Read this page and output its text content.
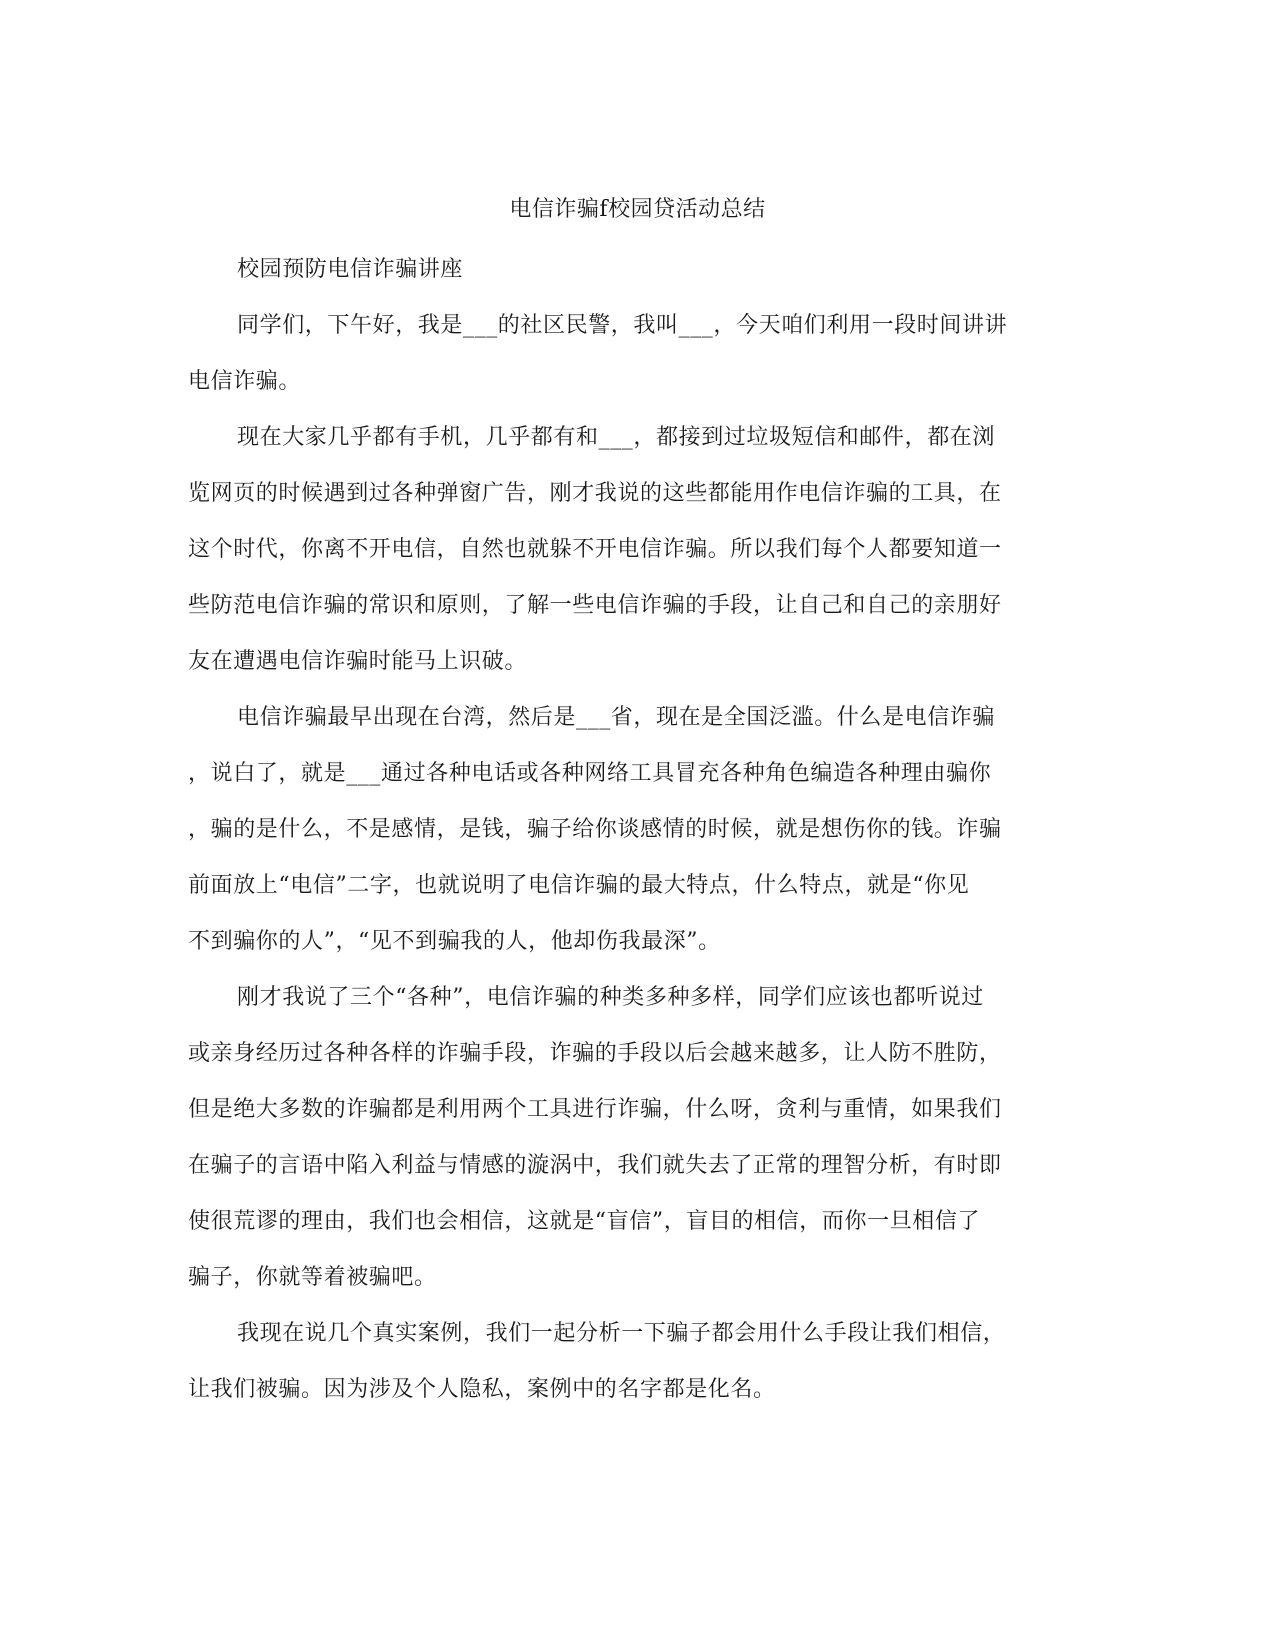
电信诈骗f校园贷活动总结
校园预防电信诈骗讲座
同学们，下午好，我是___的社区民警，我叫___，今天咱们利用一段时间讲讲
电信诈骗。
现在大家几乎都有手机，几乎都有和___，都接到过垃圾短信和邮件，都在浏
览网页的时候遇到过各种弹窗广告，刚才我说的这些都能用作电信诈骗的工具，在
这个时代，你离不开电信，自然也就躲不开电信诈骗。所以我们每个人都要知道一
些防范电信诈骗的常识和原则，了解一些电信诈骗的手段，让自己和自己的亲朋好
友在遭遇电信诈骗时能马上识破。
电信诈骗最早出现在台湾，然后是___省，现在是全国泛滥。什么是电信诈骗
，说白了，就是___通过各种电话或各种网络工具冒充各种角色编造各种理由骗你
，骗的是什么，不是感情，是钱，骗子给你谈感情的时候，就是想伤你的钱。诈骗
前面放上“电信”二字，也就说明了电信诈骗的最大特点，什么特点，就是“你见
不到骗你的人”，“见不到骗我的人，他却伤我最深”。
刚才我说了三个“各种”，电信诈骗的种类多种多样，同学们应该也都听说过
或亲身经历过各种各样的诈骗手段，诈骗的手段以后会越来越多，让人防不胜防，
但是绝大多数的诈骗都是利用两个工具进行诈骗，什么呀，贪利与重情，如果我们
在骗子的言语中陷入利益与情感的漩涡中，我们就失去了正常的理智分析，有时即
使很荒谬的理由，我们也会相信，这就是“盲信”，盲目的相信，而你一旦相信了
骗子，你就等着被骗吧。
我现在说几个真实案例，我们一起分析一下骗子都会用什么手段让我们相信，
让我们被骗。因为涉及个人隐私，案例中的名字都是化名。
